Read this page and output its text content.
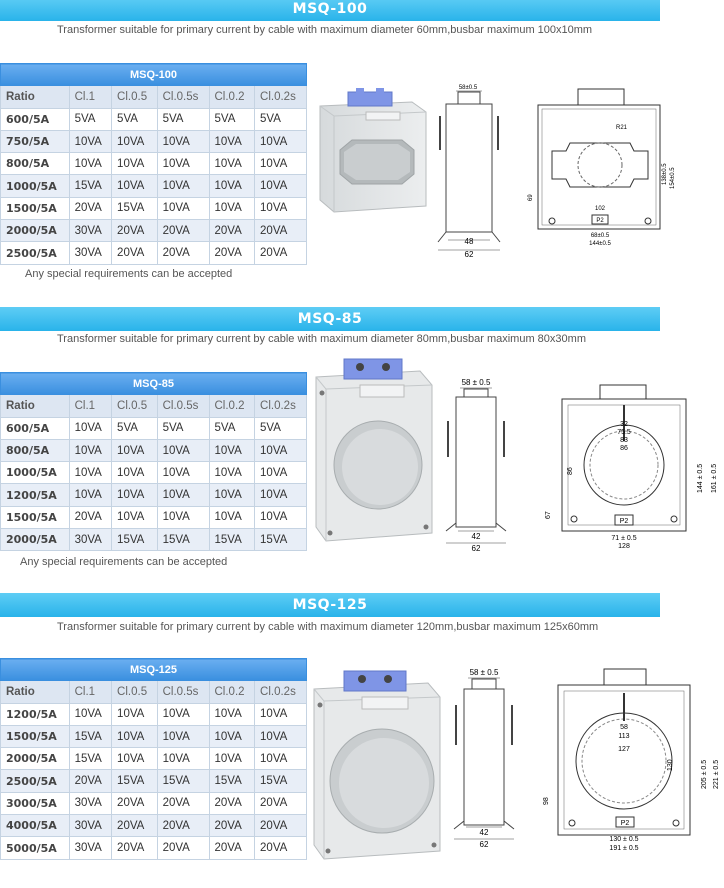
MSQ-100
Transformer suitable for primary current by cable with maximum diameter 60mm,busbar maximum 100x10mm
MSQ-100					
Ratio	Cl.1	Cl.0.5	Cl.0.5s	Cl.0.2	Cl.0.2s
600/5A	5VA	5VA	5VA	5VA	5VA
750/5A	10VA	10VA	10VA	10VA	10VA
800/5A	10VA	10VA	10VA	10VA	10VA
1000/5A	15VA	10VA	10VA	10VA	10VA
1500/5A	20VA	15VA	10VA	10VA	10VA
2000/5A	30VA	20VA	20VA	20VA	20VA
2500/5A	30VA	20VA	20VA	20VA	20VA
Any special requirements can be accepted
58±0.5
48
62
R21
102
P2
68±0.5
144±0.5
69
138±0.5 154±0.5
MSQ-85
Transformer suitable for primary current by cable with maximum diameter 80mm,busbar maximum 80x30mm
MSQ-85					
Ratio	Cl.1	Cl.0.5	Cl.0.5s	Cl.0.2	Cl.0.2s
600/5A	10VA	5VA	5VA	5VA	5VA
800/5A	10VA	10VA	10VA	10VA	10VA
1000/5A	10VA	10VA	10VA	10VA	10VA
1200/5A	10VA	10VA	10VA	10VA	10VA
1500/5A	20VA	10VA	10VA	10VA	10VA
2000/5A	30VA	15VA	15VA	15VA	15VA
Any special requirements can be accepted
58 ± 0.5
42
62
32
75.5
83
86
P2
71 ± 0.5
128
86
67
144 ± 0.5 161 ± 0.5
MSQ-125
Transformer suitable for primary current by cable with maximum diameter 120mm,busbar maximum 125x60mm
MSQ-125					
Ratio	Cl.1	Cl.0.5	Cl.0.5s	Cl.0.2	Cl.0.2s
1200/5A	10VA	10VA	10VA	10VA	10VA
1500/5A	15VA	10VA	10VA	10VA	10VA
2000/5A	15VA	10VA	10VA	10VA	10VA
2500/5A	20VA	15VA	15VA	15VA	15VA
3000/5A	30VA	20VA	20VA	20VA	20VA
4000/5A	30VA	20VA	20VA	20VA	20VA
5000/5A	30VA	20VA	20VA	20VA	20VA
58 ± 0.5
42
62
58
113
127
130
P2
130 ± 0.5
191 ± 0.5
98
205 ± 0.5 221 ± 0.5
